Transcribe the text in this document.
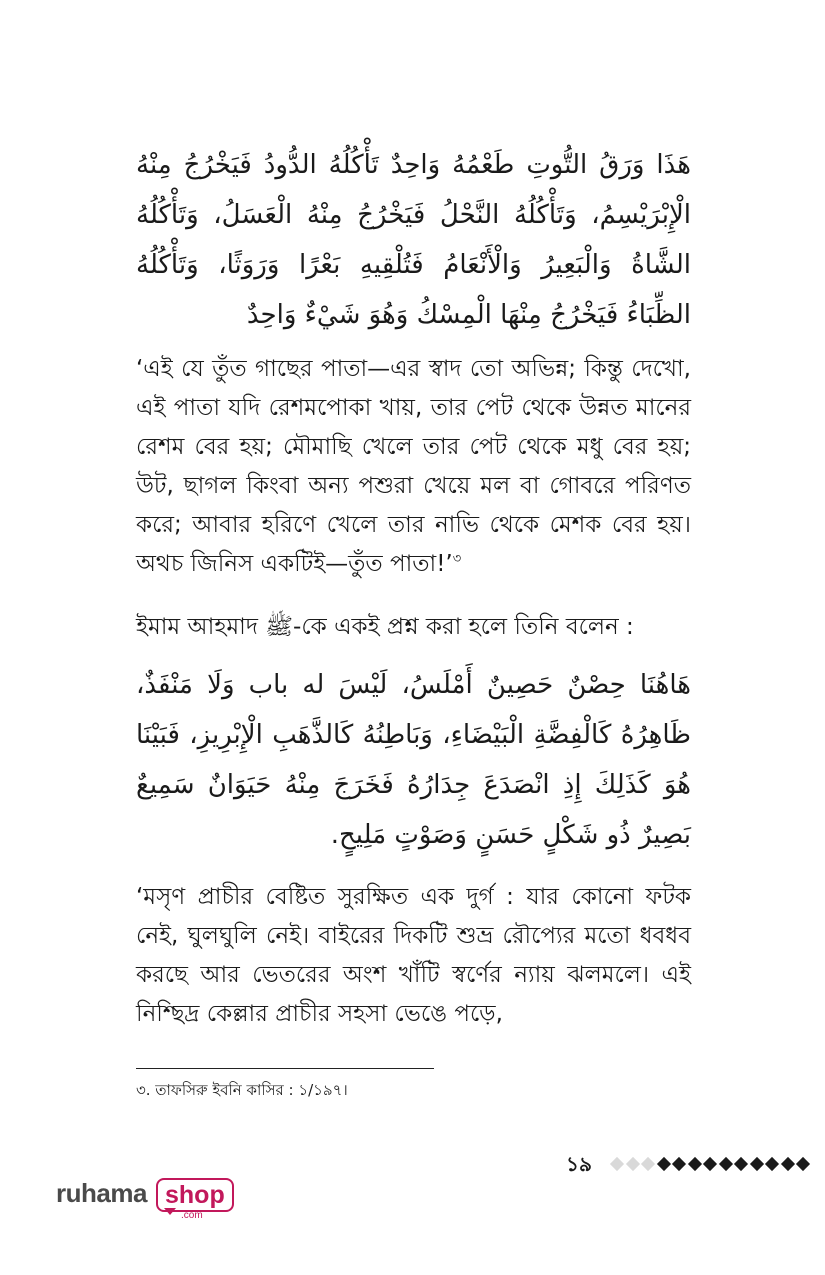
هَذَا وَرَقُ التُّوتِ طَعْمُهُ وَاحِدٌ تَأْكُلُهُ الدُّودُ فَيَخْرُجُ مِنْهُ الْإِبْرَيْسِمُ، وَتَأْكُلُهُ النَّحْلُ فَيَخْرُجُ مِنْهُ الْعَسَلُ، وَتَأْكُلُهُ الشَّاةُ وَالْبَعِيرُ وَالْأَنْعَامُ فَتُلْقِيهِ بَعْرًا وَرَوَثًا، وَتَأْكُلُهُ الظِّبَاءُ فَيَخْرُجُ مِنْهَا الْمِسْكُ وَهُوَ شَيْءٌ وَاحِدٌ

‘এই যে তুঁত গাছের পাতা—এর স্বাদ তো অভিন্ন; কিন্তু দেখো, এই পাতা যদি রেশমপোকা খায়, তার পেট থেকে উন্নত মানের রেশম বের হয়; মৌমাছি খেলে তার পেট থেকে মধু বের হয়; উট, ছাগল কিংবা অন্য পশুরা খেয়ে মল বা গোবরে পরিণত করে; আবার হরিণে খেলে তার নাভি থেকে মেশক বের হয়। অথচ জিনিস একটিই—তুঁত পাতা!’$^৩$

ইমাম আহমাদ ﷺ-কে একই প্রশ্ন করা হলে তিনি বলেন :

هَاهُنَا حِصْنٌ حَصِينٌ أَمْلَسُ، لَيْسَ له باب وَلَا مَنْفَذٌ، ظَاهِرُهُ كَالْفِضَّةِ الْبَيْضَاءِ، وَبَاطِنُهُ كَالذَّهَبِ الْإِبْرِيزِ، فَبَيْنَا هُوَ كَذَلِكَ إِذِ انْصَدَعَ جِدَارُهُ فَخَرَجَ مِنْهُ حَيَوَانٌ سَمِيعٌ بَصِيرٌ ذُو شَكْلٍ حَسَنٍ وَصَوْتٍ مَلِيحٍ.

‘মসৃণ প্রাচীর বেষ্টিত সুরক্ষিত এক দুর্গ : যার কোনো ফটক নেই, ঘুলঘুলি নেই। বাইরের দিকটি শুভ্র রৌপ্যের মতো ধবধব করছে আর ভেতরের অংশ খাঁটি স্বর্ণের ন্যায় ঝলমলে। এই নিশ্ছিদ্র কেল্লার প্রাচীর সহসা ভেঙে পড়ে,

৩. তাফসিরু ইবনি কাসির : ১/১৯৭।

১৯
ruhama shop
.com
